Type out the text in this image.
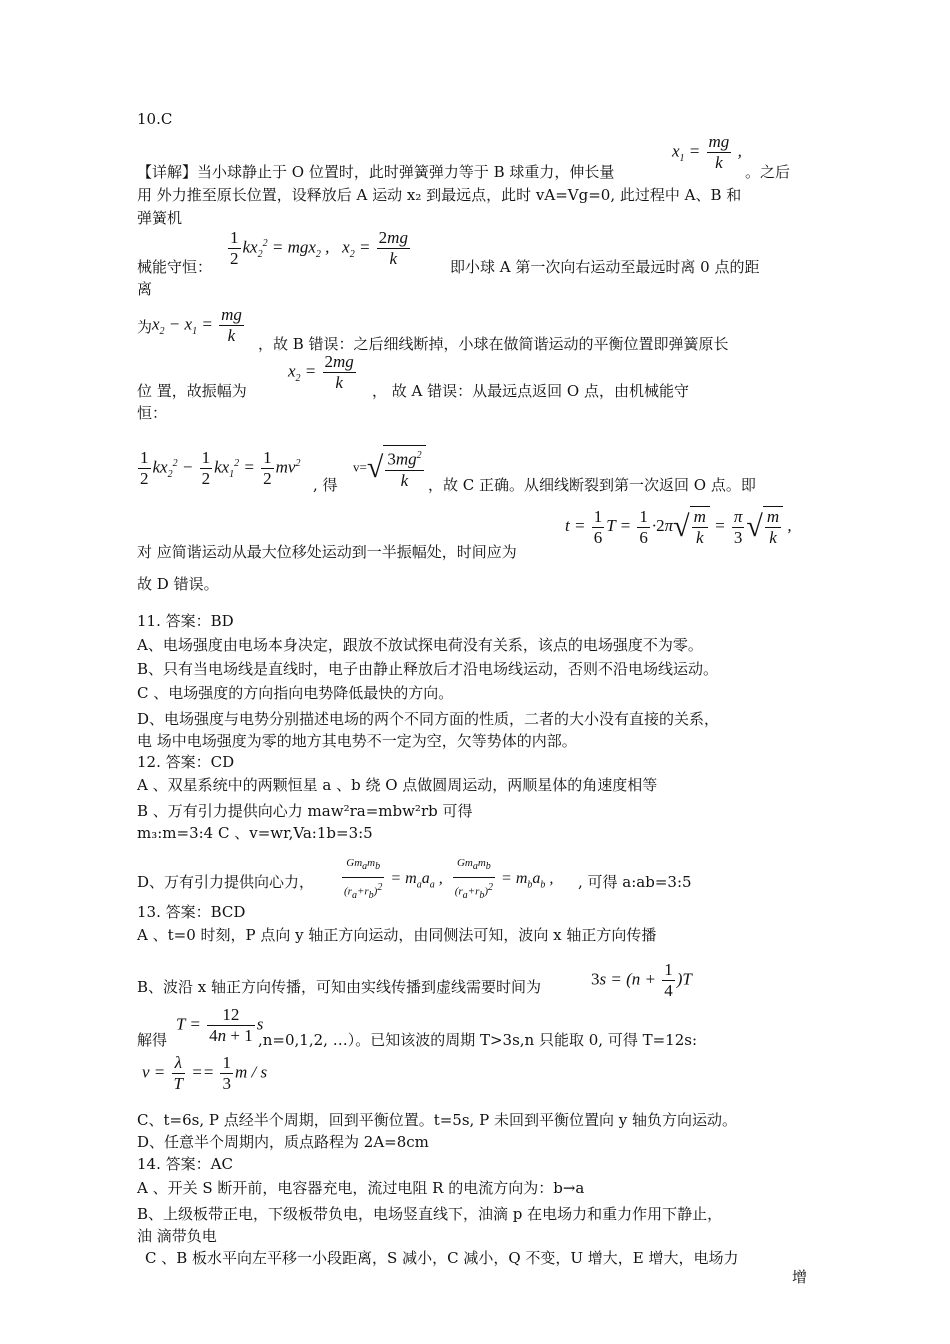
10.C
$x_1 = \frac{mg}{k}$ ,
【详解】当小球静止于 O 位置时，此时弹簧弹力等于 B 球重力，伸长量	。之后
用 外力推至原长位置，设释放后 A 运动 x₂ 到最远点，此时 vA=Vg=0, 此过程中 A、B 和
弹簧机
$\frac{1}{2} kx_2^2 = mgx_2$ ,   $x_2 = \frac{2mg}{k}$
械能守恒：	即小球 A 第一次向右运动至最远时离 0 点的距
离
为 $x_2 - x_1 = \frac{mg}{k}$ ，故 B 错误：之后细线断掉，小球在做简谐运动的平衡位置即弹簧原长
位 置，故振幅为
$x_2 = \frac{2mg}{k}$ ， 故 A 错误：从最远点返回 O 点，由机械能守
恒：
$\frac{1}{2} kx_2^2 - \frac{1}{2} kx_1^2 = \frac{1}{2} mv^2$
, 得
$v=√ \frac{3mg^2}{k}$ ，故 C 正确。从细线断裂到第一次返回 O 点。即
$t = \frac{1}{6}$ $T = \frac{1}{6} \cdot 2\pi√ \frac{m}{k} = \frac{\pi}{3}$ √ $\frac{m}{k}$ ,
对 应简谐运动从最大位移处运动到一半振幅处，时间应为
故 D 错误。
11. 答案：BD
A、电场强度由电场本身决定，跟放不放试探电荷没有关系，该点的电场强度不为零。
B、只有当电场线是直线时，电子由静止释放后才沿电场线运动，否则不沿电场线运动。
C 、电场强度的方向指向电势降低最快的方向。
D、电场强度与电势分别描述电场的两个不同方面的性质，二者的大小没有直接的关系，
电 场中电场强度为零的地方其电势不一定为空，欠等势体的内部。
12. 答案：CD
A 、双星系统中的两颗恒星 a 、b 绕 O 点做圆周运动，两顺星体的角速度相等
B 、万有引力提供向心力 maw²ra=mbw²rb 可得
m₃:m=3:4 C 、v=wr,Va:1b=3:5
D、万有引力提供向心力，	$\frac{Gm_am_b}{(r_a+r_b)^2} = m_aa_a$ , $\frac{Gm_am_b}{(r_a+r_b)^2} = m_ba_b$ , , 可得 a:ab=3:5
13. 答案：BCD
A 、t=0 时刻，P 点向 y 轴正方向运动，由同侧法可知，波向 x 轴正方向传播
$3s = (n + \frac{1}{4} )T$
B、波沿 x 轴正方向传播，可知由实线传播到虚线需要时间为
解得
$T = \frac{12}{4n + 1}$ s
,n=0,1,2, …）。已知该波的周期 T>3s,n 只能取 0, 可得 T=12s:
$v = \frac{\lambda}{T} == \frac{1}{3}$ m / s
C、t=6s, P 点经半个周期，回到平衡位置。t=5s, P 未回到平衡位置向 y 轴负方向运动。
D、任意半个周期内，质点路程为 2A=8cm
14. 答案：AC
A 、开关 S 断开前，电容器充电，流过电阻 R 的电流方向为：b→a
B、上级板带正电，下级板带负电，电场竖直线下，油滴 p 在电场力和重力作用下静止，
油 滴带负电
C 、B 板水平向左平移一小段距离，S 减小，C 减小，Q 不变，U 增大，E 增大，电场力
增
